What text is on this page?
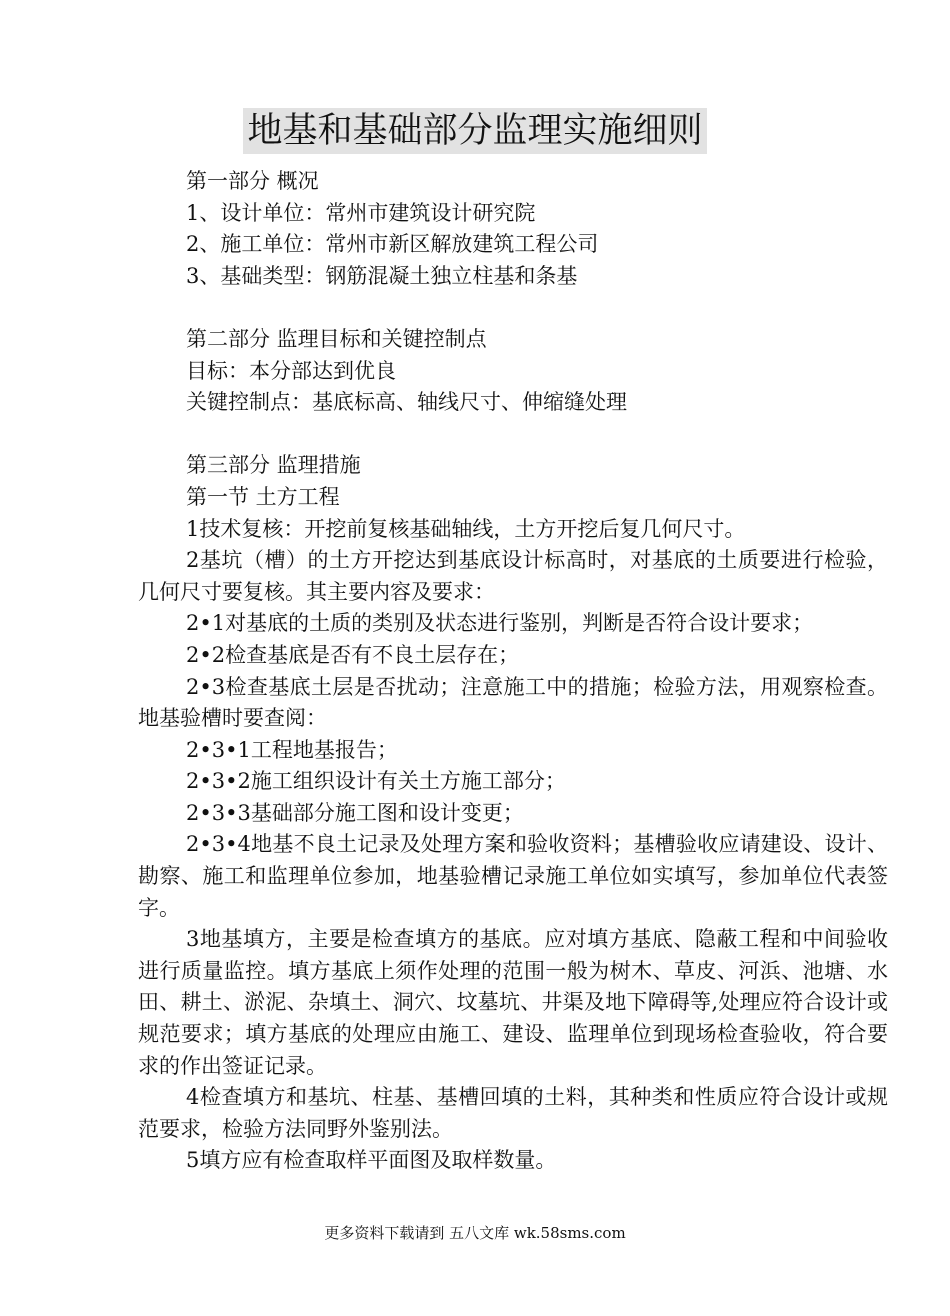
地基和基础部分监理实施细则

第一部分 概况

1、设计单位：常州市建筑设计研究院

2、施工单位：常州市新区解放建筑工程公司

3、基础类型：钢筋混凝土独立柱基和条基

第二部分 监理目标和关键控制点

目标：本分部达到优良

关键控制点：基底标高、轴线尺寸、伸缩缝处理

第三部分 监理措施

第一节 土方工程

1技术复核：开挖前复核基础轴线，土方开挖后复几何尺寸。

2基坑（槽）的土方开挖达到基底设计标高时，对基底的土质要进行检验，几何尺寸要复核。其主要内容及要求：

2•1对基底的土质的类别及状态进行鉴别，判断是否符合设计要求；

2•2检查基底是否有不良土层存在；

2•3检查基底土层是否扰动；注意施工中的措施；检验方法，用观察检查。地基验槽时要查阅：

2•3•1工程地基报告；

2•3•2施工组织设计有关土方施工部分；

2•3•3基础部分施工图和设计变更；

2•3•4地基不良土记录及处理方案和验收资料；基槽验收应请建设、设计、勘察、施工和监理单位参加，地基验槽记录施工单位如实填写，参加单位代表签字。

3地基填方，主要是检查填方的基底。应对填方基底、隐蔽工程和中间验收进行质量监控。填方基底上须作处理的范围一般为树木、草皮、河浜、池塘、水田、耕土、淤泥、杂填土、洞穴、坟墓坑、井渠及地下障碍等,处理应符合设计或规范要求；填方基底的处理应由施工、建设、监理单位到现场检查验收，符合要求的作出签证记录。

4检查填方和基坑、柱基、基槽回填的土料，其种类和性质应符合设计或规范要求，检验方法同野外鉴别法。

5填方应有检查取样平面图及取样数量。

更多资料下载请到 五八文库 wk.58sms.com
